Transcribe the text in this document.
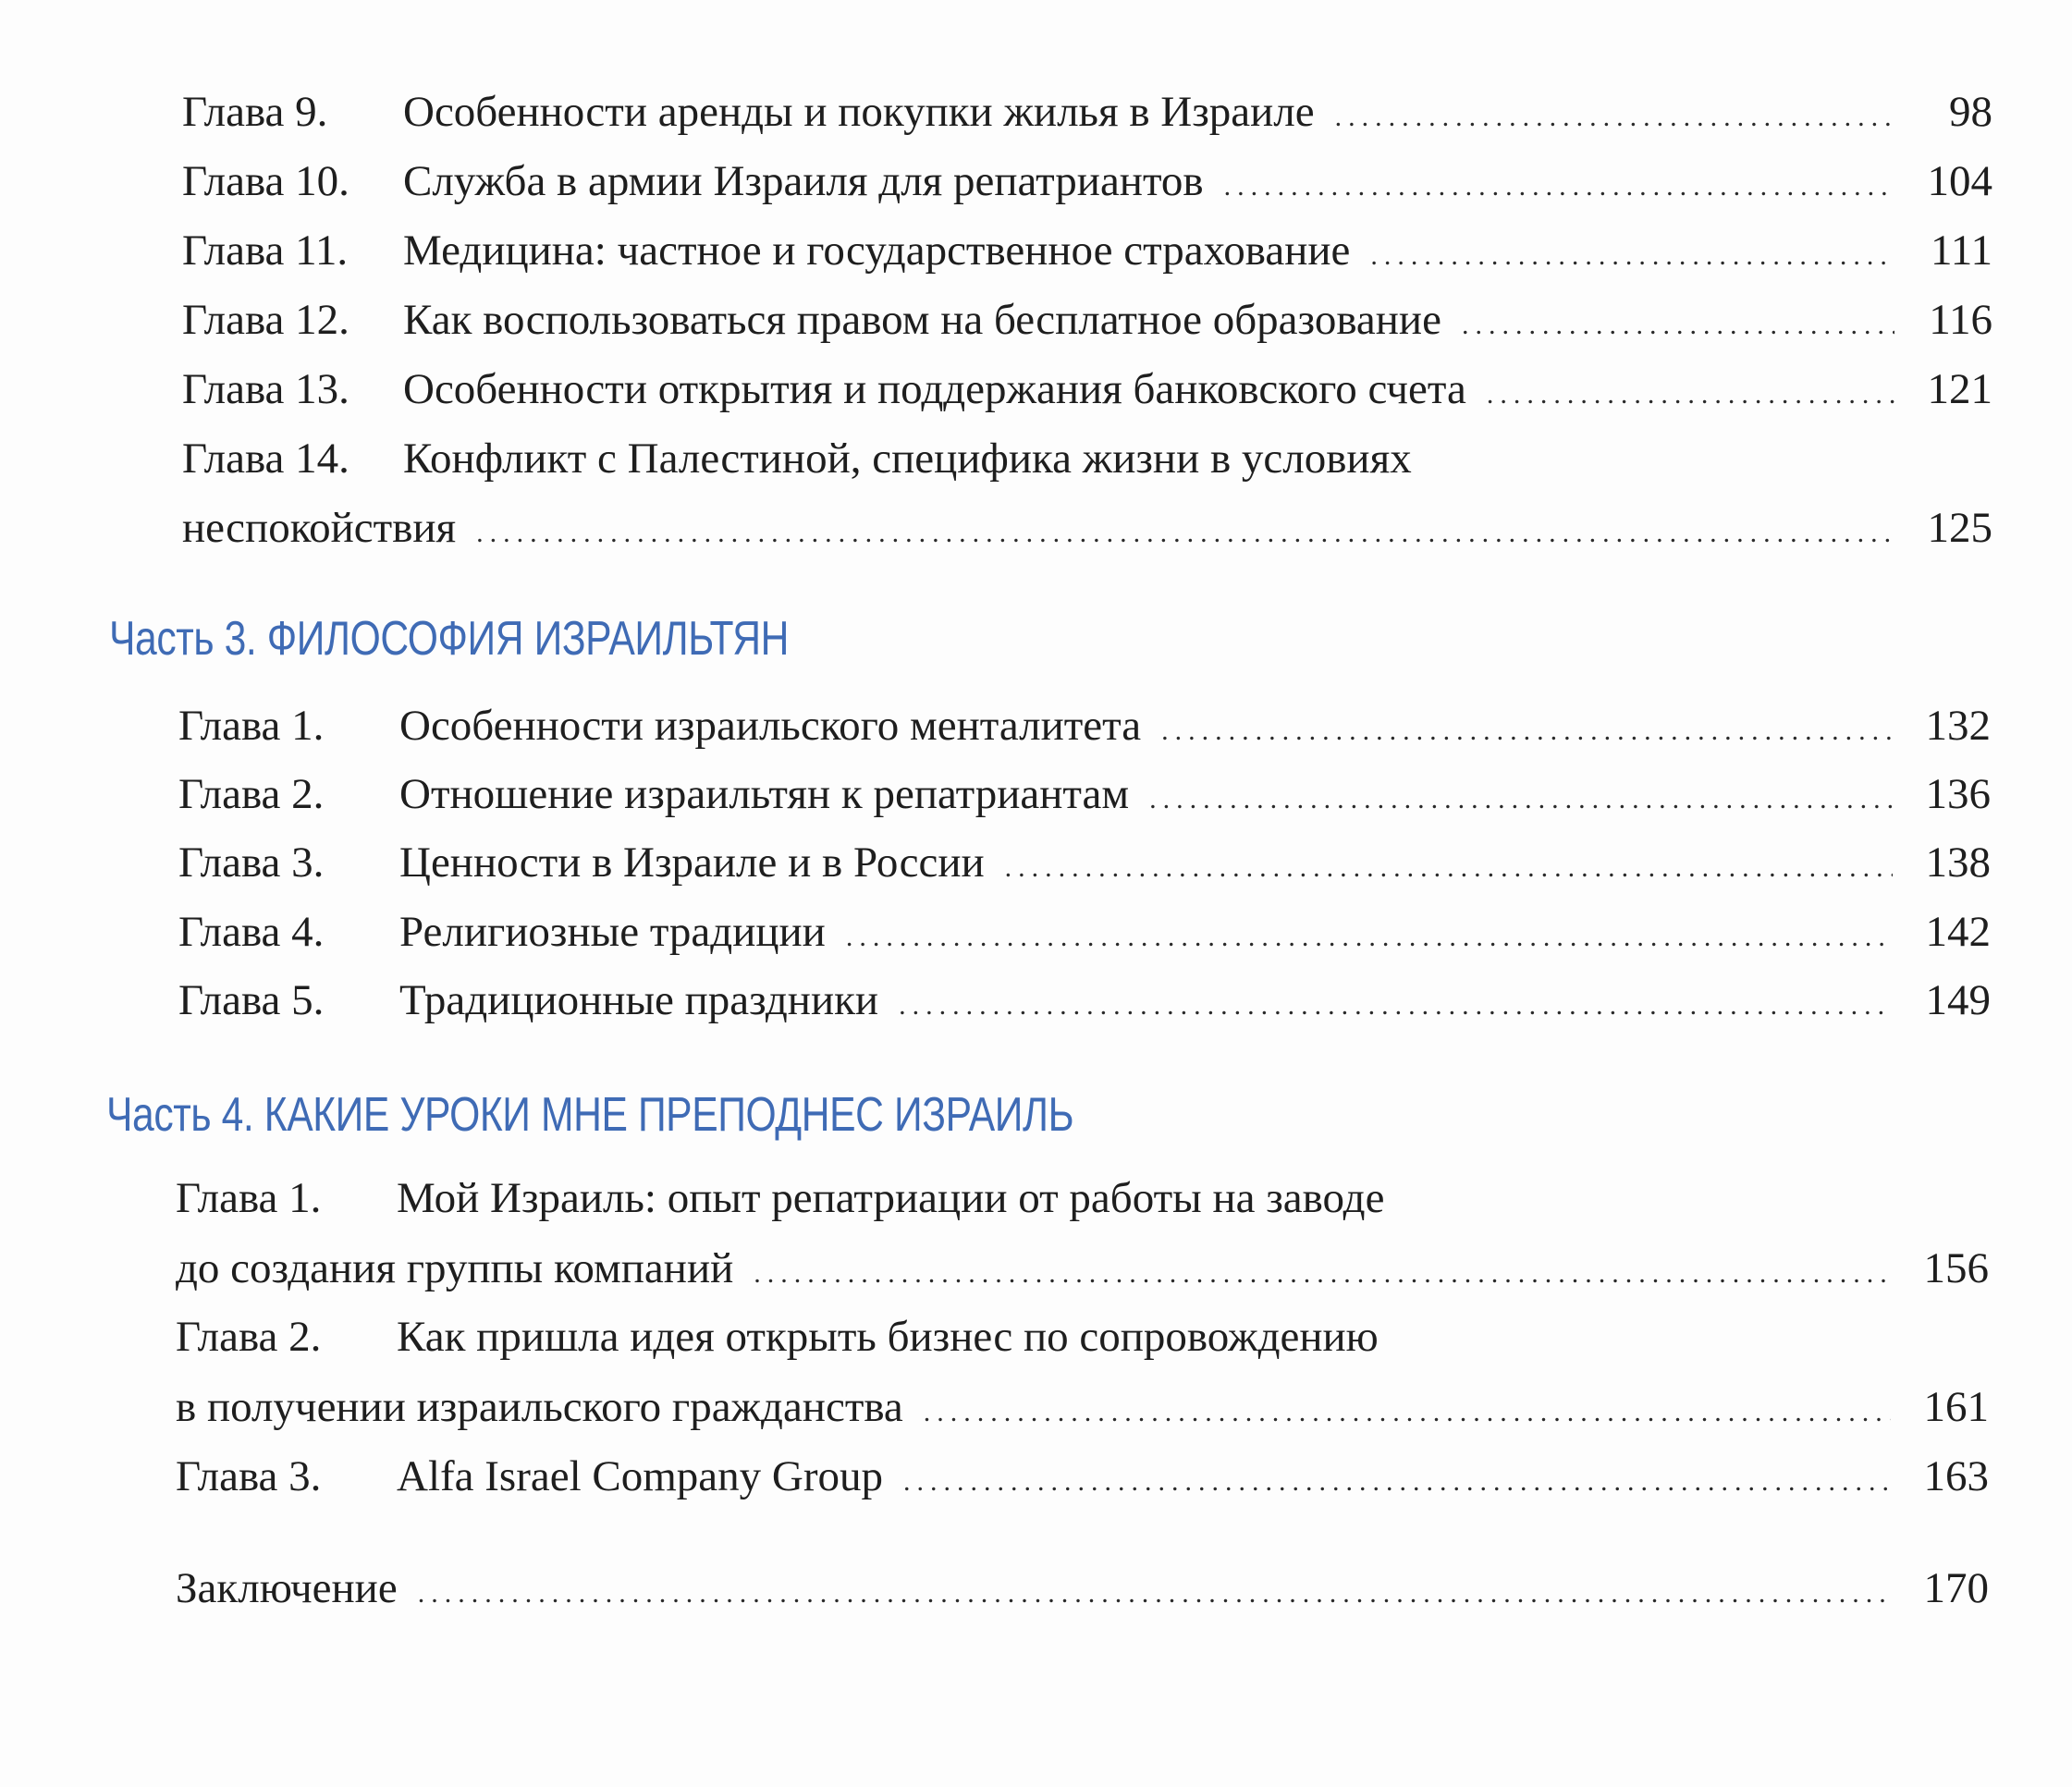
Глава 9.	Особенности аренды и покупки жилья в Израиле .....	98
Глава 10.	Служба в армии Израиля для репатриантов .....	104
Глава 11.	Медицина: частное и государственное страхование .....	111
Глава 12.	Как воспользоваться правом на бесплатное образование .....	116
Глава 13.	Особенности открытия и поддержания банковского счета .....	121
Глава 14.	Конфликт с Палестиной, специфика жизни в условиях
неспокойствия .....	125
Часть 3. ФИЛОСОФИЯ ИЗРАИЛЬТЯН
Глава 1.	Особенности израильского менталитета .....	132
Глава 2.	Отношение израильтян к репатриантам .....	136
Глава 3.	Ценности в Израиле и в России .....	138
Глава 4.	Религиозные традиции .....	142
Глава 5.	Традиционные праздники .....	149
Часть 4. КАКИЕ УРОКИ МНЕ ПРЕПОДНЕС ИЗРАИЛЬ
Глава 1.	Мой Израиль: опыт репатриации от работы на заводе
до создания группы компаний .....	156
Глава 2.	Как пришла идея открыть бизнес по сопровождению
в получении израильского гражданства .....	161
Глава 3.	Alfa Israel Company Group .....	163
Заключение .....	170
